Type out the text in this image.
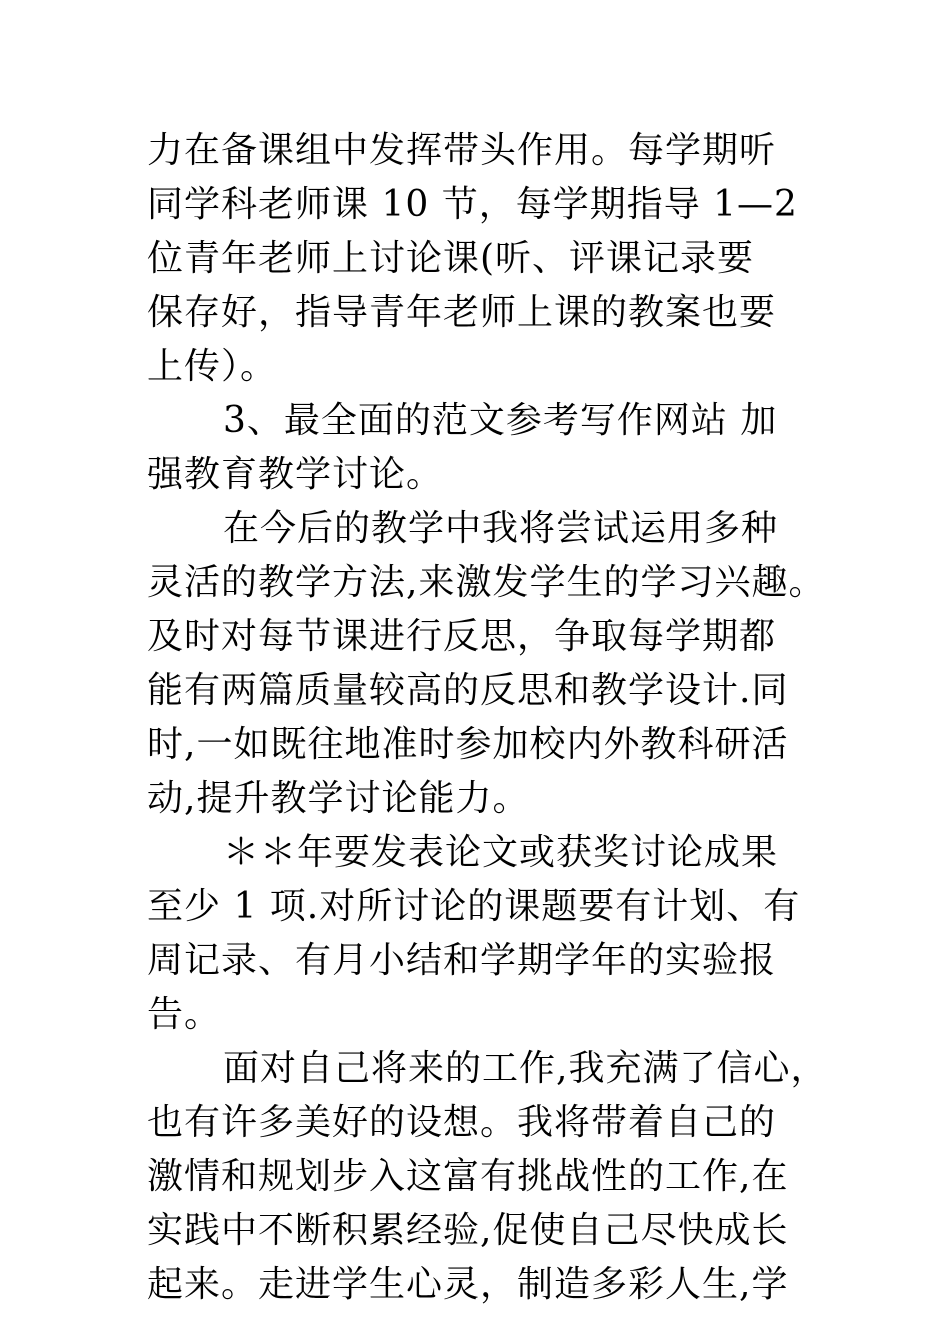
力在备课组中发挥带头作用。每学期听
同学科老师课 10 节，每学期指导 1—2
位青年老师上讨论课(听、评课记录要
保存好，指导青年老师上课的教案也要
上传）。
3、最全面的范文参考写作网站 加
强教育教学讨论。
在今后的教学中我将尝试运用多种
灵活的教学方法,来激发学生的学习兴趣。
及时对每节课进行反思，争取每学期都
能有两篇质量较高的反思和教学设计.同
时,一如既往地准时参加校内外教科研活
动,提升教学讨论能力。
＊＊年要发表论文或获奖讨论成果
至少 1 项.对所讨论的课题要有计划、有
周记录、有月小结和学期学年的实验报
告。
面对自己将来的工作,我充满了信心，
也有许多美好的设想。我将带着自己的
激情和规划步入这富有挑战性的工作,在
实践中不断积累经验,促使自己尽快成长
起来。走进学生心灵，制造多彩人生,学
